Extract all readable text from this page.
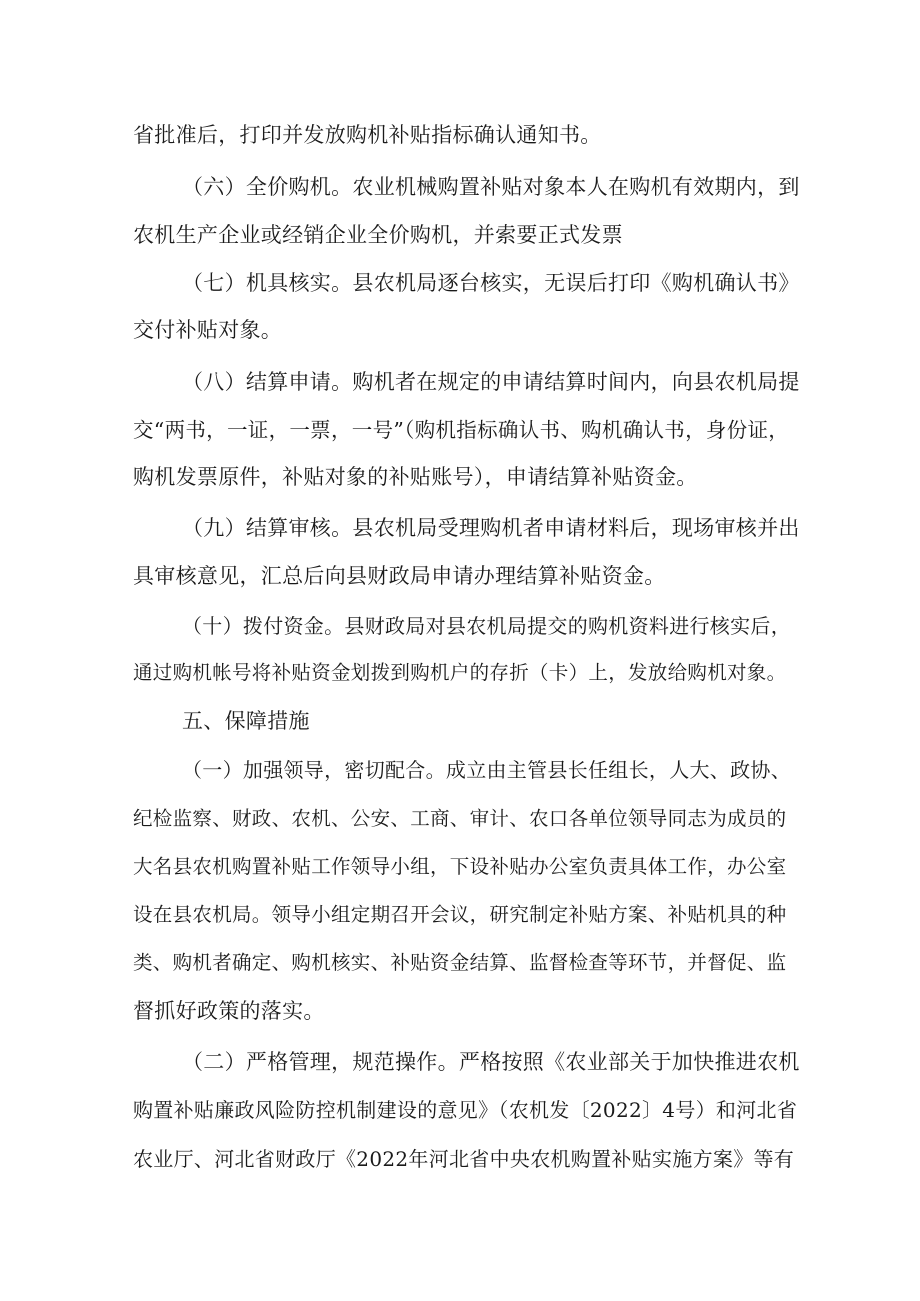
省批准后，打印并发放购机补贴指标确认通知书。
（六）全价购机。农业机械购置补贴对象本人在购机有效期内，到
农机生产企业或经销企业全价购机，并索要正式发票
（七）机具核实。县农机局逐台核实，无误后打印《购机确认书》
交付补贴对象。
（八）结算申请。购机者在规定的申请结算时间内，向县农机局提
交“两书，一证，一票，一号”（购机指标确认书、购机确认书，身份证，
购机发票原件，补贴对象的补贴账号），申请结算补贴资金。
（九）结算审核。县农机局受理购机者申请材料后，现场审核并出
具审核意见，汇总后向县财政局申请办理结算补贴资金。
（十）拨付资金。县财政局对县农机局提交的购机资料进行核实后，
通过购机帐号将补贴资金划拨到购机户的存折（卡）上，发放给购机对象。
五、保障措施
（一）加强领导，密切配合。成立由主管县长任组长，人大、政协、
纪检监察、财政、农机、公安、工商、审计、农口各单位领导同志为成员的
大名县农机购置补贴工作领导小组，下设补贴办公室负责具体工作，办公室
设在县农机局。领导小组定期召开会议，研究制定补贴方案、补贴机具的种
类、购机者确定、购机核实、补贴资金结算、监督检查等环节，并督促、监
督抓好政策的落实。
（二）严格管理，规范操作。严格按照《农业部关于加快推进农机
购置补贴廉政风险防控机制建设的意见》（农机发〔2022〕4号）和河北省
农业厅、河北省财政厅《2022年河北省中央农机购置补贴实施方案》等有
